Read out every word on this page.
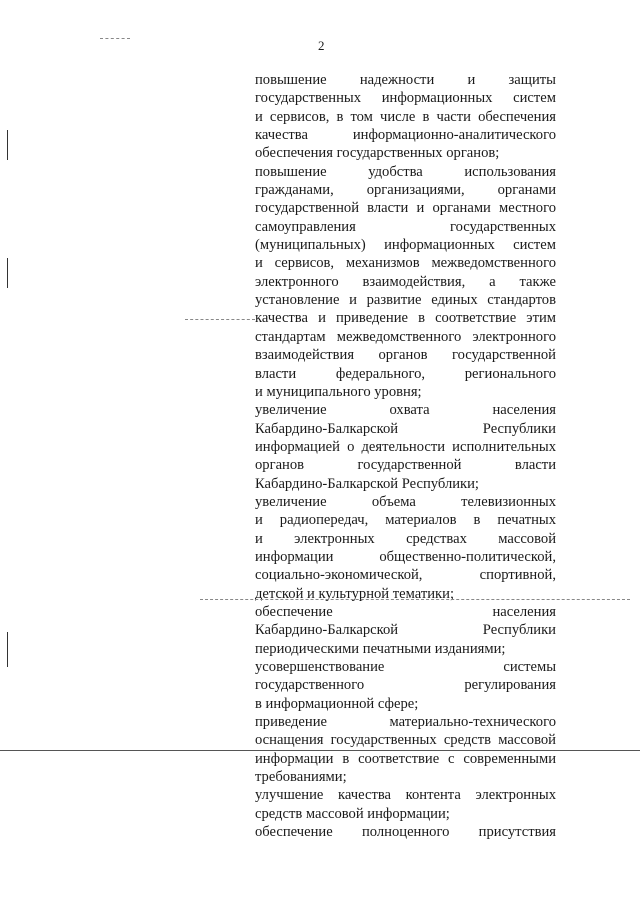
2
повышение надежности и защиты
государственных информационных систем
и сервисов, в том числе в части обеспечения
качества информационно-аналитического
обеспечения государственных органов;
повышение удобства использования
гражданами, организациями, органами
государственной власти и органами местного
самоуправления государственных
(муниципальных) информационных систем
и сервисов, механизмов межведомственного
электронного взаимодействия, а также
установление и развитие единых стандартов
качества и приведение в соответствие этим
стандартам межведомственного электронного
взаимодействия органов государственной
власти федерального, регионального
и муниципального уровня;
увеличение охвата населения
Кабардино-Балкарской Республики
информацией о деятельности исполнительных
органов государственной власти
Кабардино-Балкарской Республики;
увеличение объема телевизионных
и радиопередач, материалов в печатных
и электронных средствах массовой
информации общественно-политической,
социально-экономической, спортивной,
детской и культурной тематики;
обеспечение населения
Кабардино-Балкарской Республики
периодическими печатными изданиями;
усовершенствование системы
государственного регулирования
в информационной сфере;
приведение материально-технического
оснащения государственных средств массовой
информации в соответствие с современными
требованиями;
улучшение качества контента электронных
средств массовой информации;
обеспечение полноценного присутствия
